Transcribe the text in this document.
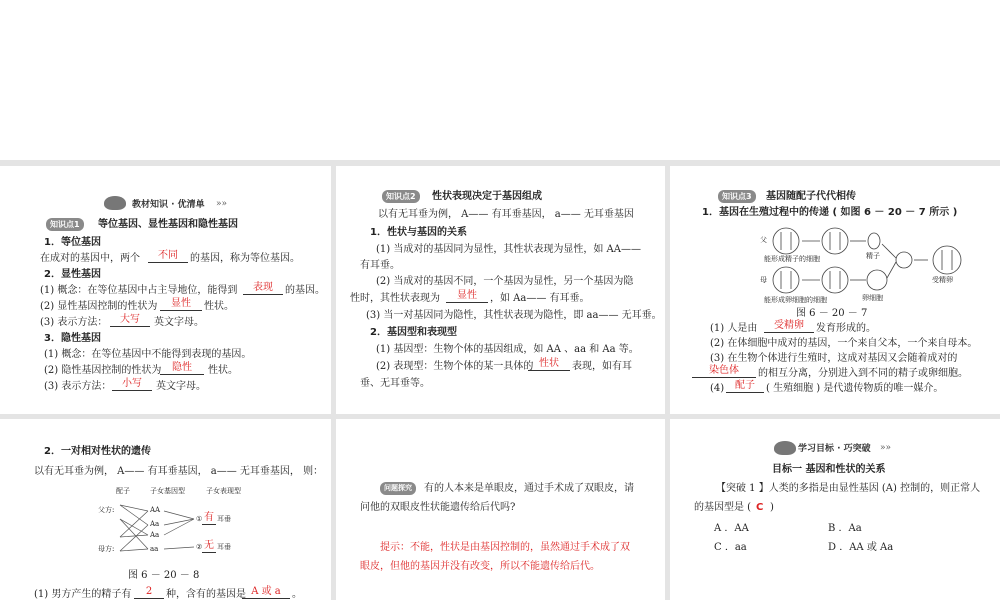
教材知识 · 优清单 »»
知识点1	等位基因、显性基因和隐性基因
1．等位基因
在成对的基因中，两个	不同	的基因，称为等位基因。
2．显性基因
(1) 概念：在等位基因中占主导地位，能得到	表现	的基因。
(2) 显性基因控制的性状为	显性	性状。
(3) 表示方法：	大写	英文字母。
3．隐性基因
(1) 概念：在等位基因中不能得到表现的基因。
(2) 隐性基因控制的性状为	隐性	性状。
(3) 表示方法：	小写	英文字母。
知识点2	性状表现决定于基因组成
以有无耳垂为例， A—— 有耳垂基因， a—— 无耳垂基因
1．性状与基因的关系
(1) 当成对的基因同为显性，其性状表现为显性，如 AA——
有耳垂。
(2) 当成对的基因不同，一个基因为显性，另一个基因为隐
性时，其性状表现为	显性	，如 Aa—— 有耳垂。
(3) 当一对基因同为隐性，其性状表现为隐性，即 aa—— 无耳垂。
2．基因型和表现型
(1) 基因型：生物个体的基因组成，如 AA 、aa 和 Aa 等。
(2) 表现型：生物个体的某一具体的 性状	表现，如有耳
垂、无耳垂等。
知识点3	基因随配子代代相传
1．基因在生殖过程中的传递 ( 如图 6 － 20 － 7 所示 )
父
母
能形成精子的细胞
能形成卵细胞的细胞
精子
卵细胞
受精卵
图 6 － 20 － 7
(1) 人是由	受精卵	发育形成的。
(2) 在体细胞中成对的基因，一个来自父本，一个来自母本。
(3) 在生物个体进行生殖时，这成对基因又会随着成对的
染色体	的相互分离，分别进入到不同的精子或卵细胞。
(4)	配子	( 生殖细胞 ) 是代遗传物质的唯一媒介。
2．一对相对性状的遗传
以有无耳垂为例， A—— 有耳垂基因， a—— 无耳垂基因， 则：
配子	子女基因型	子女表现型
父方:
母方:
AA
Aa
Aa
aa
① 有 耳垂
② 无 耳垂
图 6 － 20 － 8
(1) 男方产生的精子有	2	种，含有的基因是 A 或 a	。
问题探究	有的人本来是单眼皮，通过手术成了双眼皮，请
问他的双眼皮性状能遗传给后代吗?
提示：不能，性状是由基因控制的，虽然通过手术成了双
眼皮，但他的基因并没有改变，所以不能遗传给后代。
学习目标 · 巧突破 »»
目标一 基因和性状的关系
【突破 1 】人类的多指是由显性基因 (A) 控制的，则正常人
的基因型是 ( C )
A ．AA	B ．Aa
C ．aa	D ．AA 或 Aa
